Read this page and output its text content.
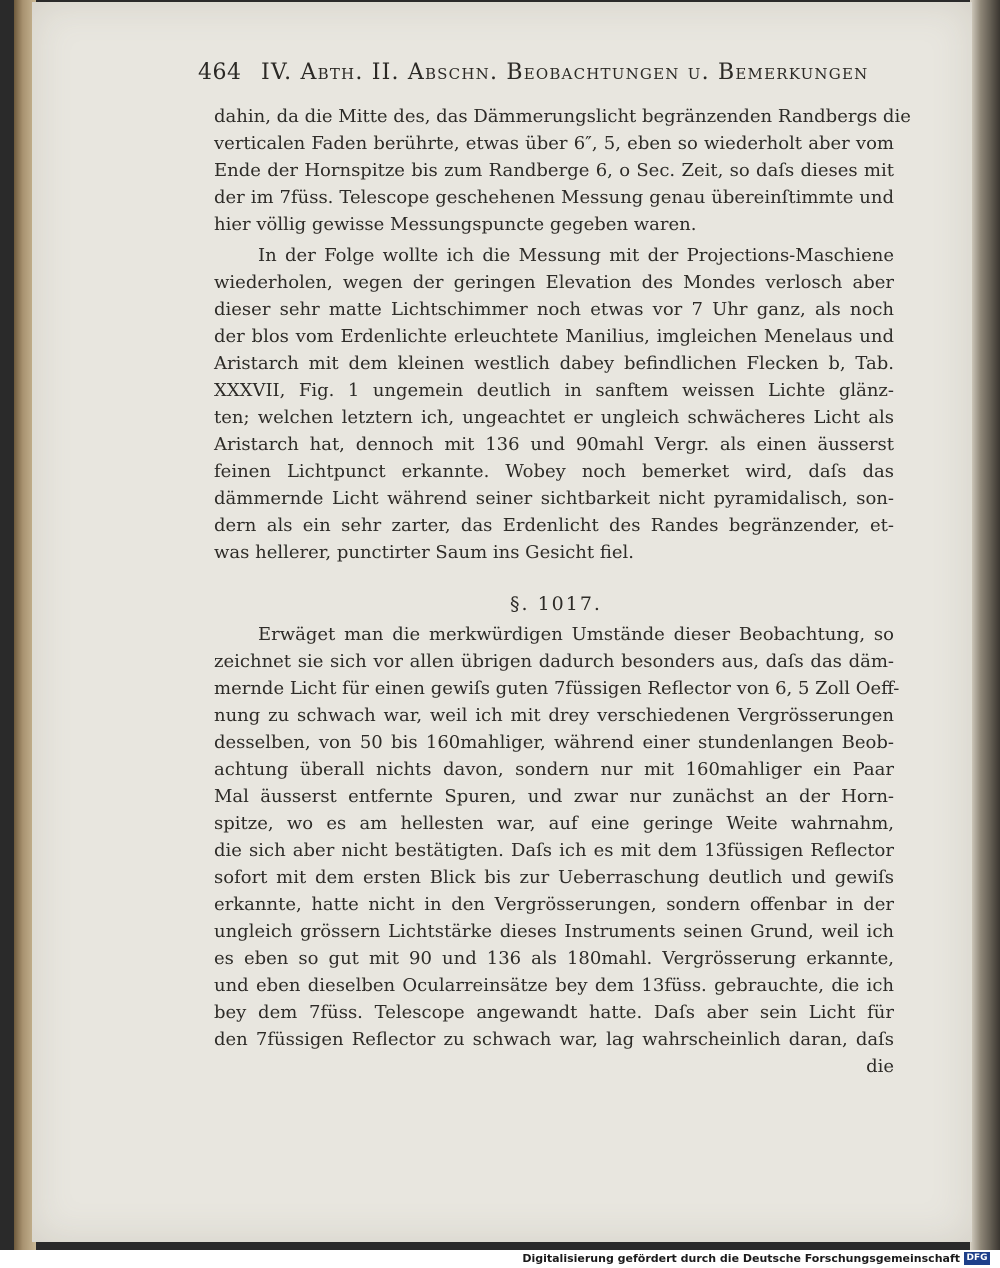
464 IV. Abth. II. Abschn. Beobachtungen u. Bemerkungen
dahin, da die Mitte des, das Dämmerungslicht begränzenden Randbergs die
verticalen Faden berührte, etwas über 6″, 5, eben so wiederholt aber vom
Ende der Hornspitze bis zum Randberge 6, o Sec. Zeit, so daſs dieses mit
der im 7füss. Telescope geschehenen Messung genau übereinſtimmte und
hier völlig gewisse Messungspuncte gegeben waren.
In der Folge wollte ich die Messung mit der Projections-Maschiene
wiederholen, wegen der geringen Elevation des Mondes verlosch aber
dieser sehr matte Lichtschimmer noch etwas vor 7 Uhr ganz, als noch
der blos vom Erdenlichte erleuchtete Manilius, imgleichen Menelaus und
Aristarch mit dem kleinen westlich dabey befindlichen Flecken b, Tab.
XXXVII, Fig. 1 ungemein deutlich in sanftem weissen Lichte glänz-
ten; welchen letztern ich, ungeachtet er ungleich schwächeres Licht als
Aristarch hat, dennoch mit 136 und 90mahl Vergr. als einen äusserst
feinen Lichtpunct erkannte. Wobey noch bemerket wird, daſs das
dämmernde Licht während seiner sichtbarkeit nicht pyramidalisch, son-
dern als ein sehr zarter, das Erdenlicht des Randes begränzender, et-
was hellerer, punctirter Saum ins Gesicht fiel.
§. 1017.
Erwäget man die merkwürdigen Umstände dieser Beobachtung, so
zeichnet sie sich vor allen übrigen dadurch besonders aus, daſs das däm-
mernde Licht für einen gewiſs guten 7füssigen Reflector von 6, 5 Zoll Oeff-
nung zu schwach war, weil ich mit drey verschiedenen Vergrösserungen
desselben, von 50 bis 160mahliger, während einer stundenlangen Beob-
achtung überall nichts davon, sondern nur mit 160mahliger ein Paar
Mal äusserst entfernte Spuren, und zwar nur zunächst an der Horn-
spitze, wo es am hellesten war, auf eine geringe Weite wahrnahm,
die sich aber nicht bestätigten. Daſs ich es mit dem 13füssigen Reflector
sofort mit dem ersten Blick bis zur Ueberraschung deutlich und gewiſs
erkannte, hatte nicht in den Vergrösserungen, sondern offenbar in der
ungleich grössern Lichtstärke dieses Instruments seinen Grund, weil ich
es eben so gut mit 90 und 136 als 180mahl. Vergrösserung erkannte,
und eben dieselben Ocularreinsätze bey dem 13füss. gebrauchte, die ich
bey dem 7füss. Telescope angewandt hatte. Daſs aber sein Licht für
den 7füssigen Reflector zu schwach war, lag wahrscheinlich daran, daſs
die
Digitalisierung gefördert durch die Deutsche Forschungsgemeinschaft DFG
